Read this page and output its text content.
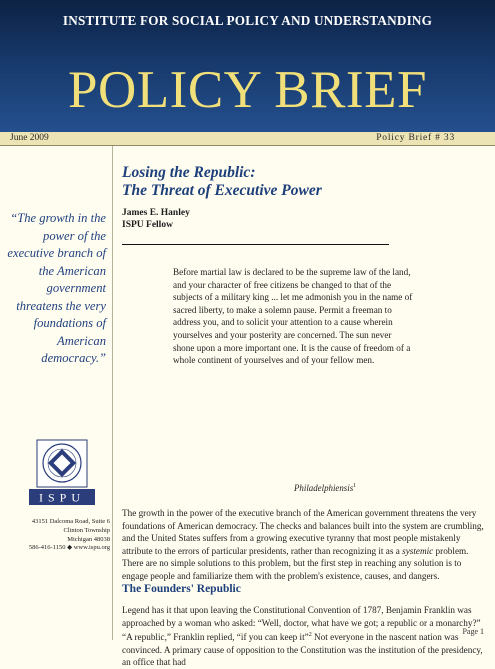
INSTITUTE FOR SOCIAL POLICY AND UNDERSTANDING
POLICY BRIEF
June 2009	Policy Brief # 33
“The growth in the power of the executive branch of the American government threatens the very foundations of American democracy.”
ISPU
43151 Dalcoma Road, Suite 6
Clinton Township
Michigan 48038
586-416-1150 ◆ www.ispu.org
Losing the Republic:
The Threat of Executive Power
James E. Hanley
ISPU Fellow
Before martial law is declared to be the supreme law of the land, and your character of free citizens be changed to that of the subjects of a military king ... let me admonish you in the name of sacred liberty, to make a solemn pause. Permit a freeman to address you, and to solicit your attention to a cause wherein yourselves and your posterity are concerned. The sun never shone upon a more important one. It is the cause of freedom of a whole continent of yourselves and of your fellow men.
Philadelphiensis$^1$
The growth in the power of the executive branch of the American government threatens the very foundations of American democracy. The checks and balances built into the system are crumbling, and the United States suffers from a growing executive tyranny that most people mistakenly attribute to the errors of particular presidents, rather than recognizing it as a systemic problem. There are no simple solutions to this problem, but the first step in reaching any solution is to engage people and familiarize them with the problem's existence, causes, and dangers.
The Founders' Republic
Legend has it that upon leaving the Constitutional Convention of 1787, Benjamin Franklin was approached by a woman who asked: “Well, doctor, what have we got; a republic or a monarchy?” “A republic,” Franklin replied, “if you can keep it”$^2$ Not everyone in the nascent nation was convinced. A primary cause of opposition to the Constitution was the institution of the presidency, an office that had
Page 1
